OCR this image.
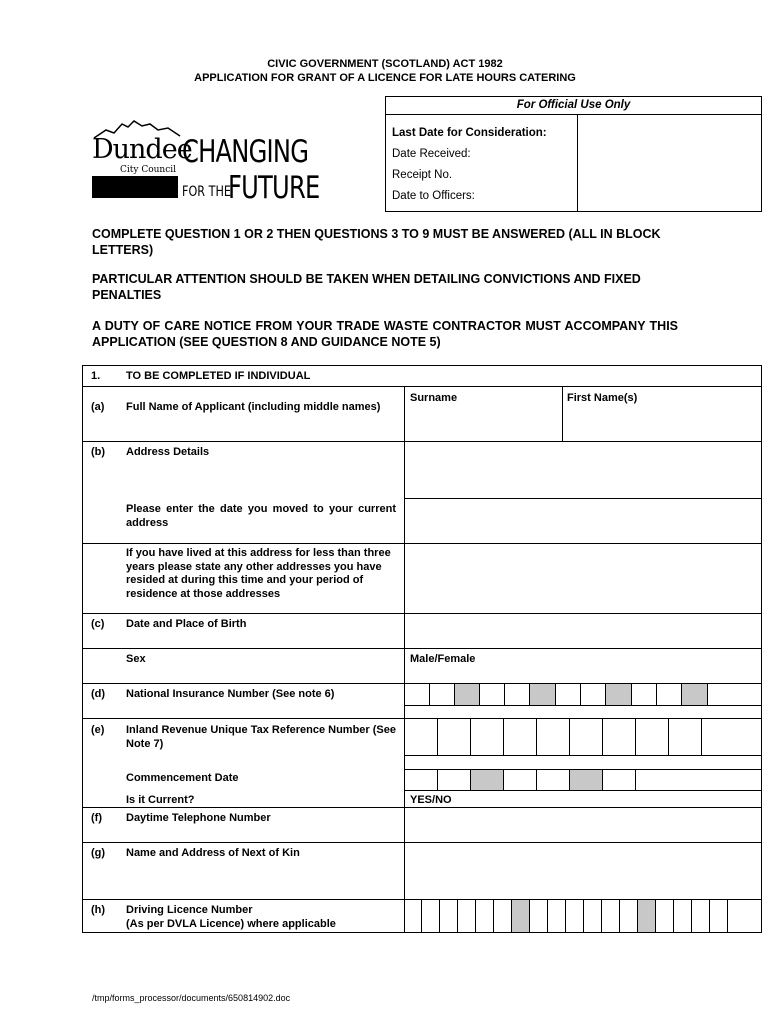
CIVIC GOVERNMENT (SCOTLAND) ACT 1982
APPLICATION FOR GRANT OF A LICENCE FOR LATE HOURS CATERING
Dundee
City Council CHANGING
FOR THE
FUTURE
For Official Use Only
Last Date for Consideration:
Date Received:
Receipt No.
Date to Officers:
COMPLETE QUESTION 1 OR 2 THEN QUESTIONS 3 TO 9 MUST BE ANSWERED (ALL IN BLOCK LETTERS)
PARTICULAR ATTENTION SHOULD BE TAKEN WHEN DETAILING CONVICTIONS AND FIXED PENALTIES
A DUTY OF CARE NOTICE FROM YOUR TRADE WASTE CONTRACTOR MUST ACCOMPANY THIS APPLICATION (SEE QUESTION 8 AND GUIDANCE NOTE 5)
1. TO BE COMPLETED IF INDIVIDUAL
(a) Full Name of Applicant (including middle names)
Surname	First Name(s)
(b) Address Details
Please enter the date you moved to your current address
If you have lived at this address for less than three years please state any other addresses you have resided at during this time and your period of residence at those addresses
(c) Date and Place of Birth
Sex	Male/Female
(d) National Insurance Number (See note 6)
(e) Inland Revenue Unique Tax Reference Number (See Note 7)
Commencement Date
Is it Current?	YES/NO
(f) Daytime Telephone Number
(g) Name and Address of Next of Kin
(h) Driving Licence Number
(As per DVLA Licence) where applicable
/tmp/forms_processor/documents/650814902.doc
